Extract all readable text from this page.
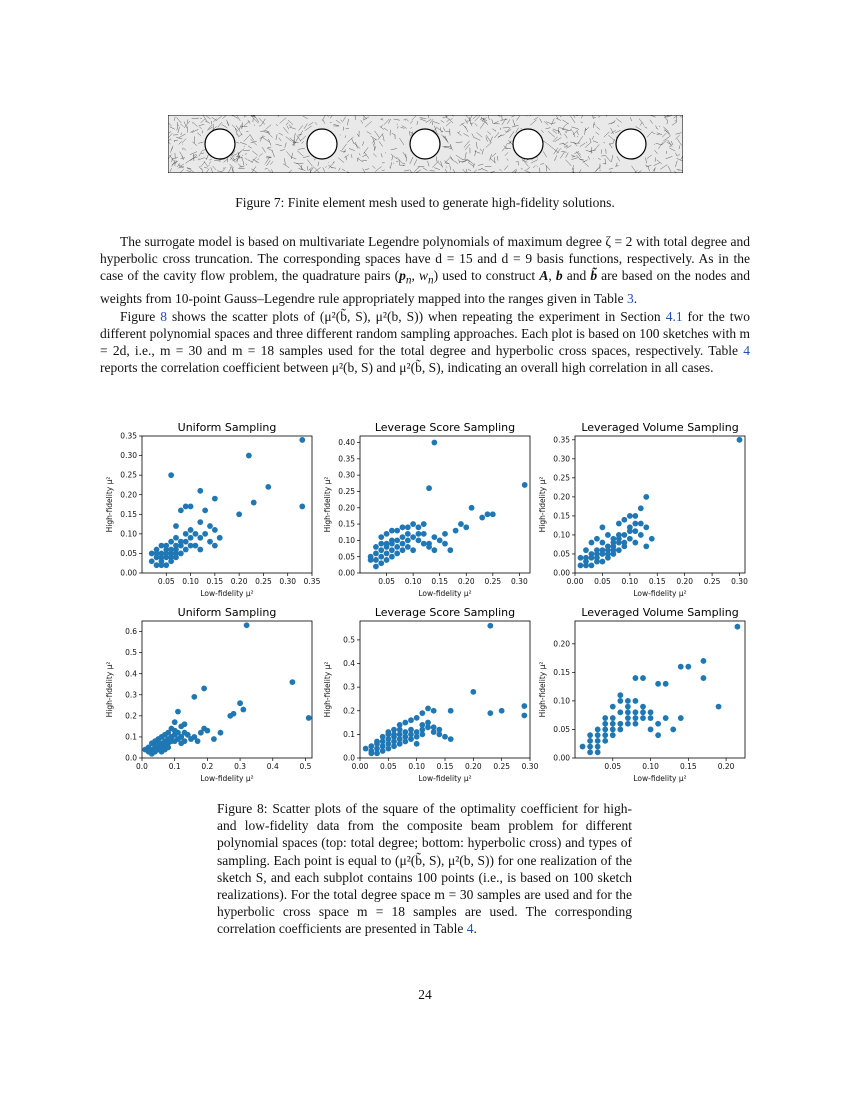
Figure 7: Finite element mesh used to generate high-fidelity solutions.

The surrogate model is based on multivariate Legendre polynomials of maximum degree ζ = 2 with total degree and hyperbolic cross truncation. The corresponding spaces have d = 15 and d = 9 basis functions, respectively. As in the case of the cavity flow problem, the quadrature pairs ($p_n$, $w_n$) used to construct A, b and b̃ are based on the nodes and weights from 10-point Gauss–Legendre rule appropriately mapped into the ranges given in Table 3.

Figure 8 shows the scatter plots of (μ²(b̃, S), μ²(b, S)) when repeating the experiment in Section 4.1 for the two different polynomial spaces and three different random sampling approaches. Each plot is based on 100 sketches with m = 2d, i.e., m = 30 and m = 18 samples used for the total degree and hyperbolic cross spaces, respectively. Table 4 reports the correlation coefficient between μ²(b, S) and μ²(b̃, S), indicating an overall high correlation in all cases.

Uniform Sampling
0.05 0.10 0.15 0.20 0.25 0.30 0.35
0.00
0.05
0.10
0.15
0.20
0.25
0.30
0.35
Low-fidelity μ²
High-fidelity μ²
Leverage Score Sampling
0.05 0.10 0.15 0.20 0.25 0.30
0.00
0.05
0.10
0.15
0.20
0.25
0.30
0.35
0.40
Low-fidelity μ²
High-fidelity μ²
Leveraged Volume Sampling
0.00 0.05 0.10 0.15 0.20 0.25 0.30
0.00
0.05
0.10
0.15
0.20
0.25
0.30
0.35
Low-fidelity μ²
High-fidelity μ²
Uniform Sampling
0.0	0.1	0.2	0.3	0.4	0.5
0.0
0.1
0.2
0.3
0.4
0.5
0.6
Low-fidelity μ²
High-fidelity μ²
Leverage Score Sampling
0.00 0.05 0.10 0.15 0.20 0.25 0.30
0.0
0.1
0.2
0.3
0.4
0.5
Low-fidelity μ²
High-fidelity μ²
Leveraged Volume Sampling
0.05	0.10	0.15	0.20
0.00
0.05
0.10
0.15
0.20
Low-fidelity μ²
High-fidelity μ²
Figure 8: Scatter plots of the square of the optimality coefficient for high- and low-fidelity data from the composite beam problem for different polynomial spaces (top: total degree; bottom: hyperbolic cross) and types of sampling. Each point is equal to (μ²(b̃, S), μ²(b, S)) for one realization of the sketch S, and each subplot contains 100 points (i.e., is based on 100 sketch realizations). For the total degree space m = 30 samples are used and for the hyperbolic cross space m = 18 samples are used. The corresponding correlation coefficients are presented in Table 4.
24
